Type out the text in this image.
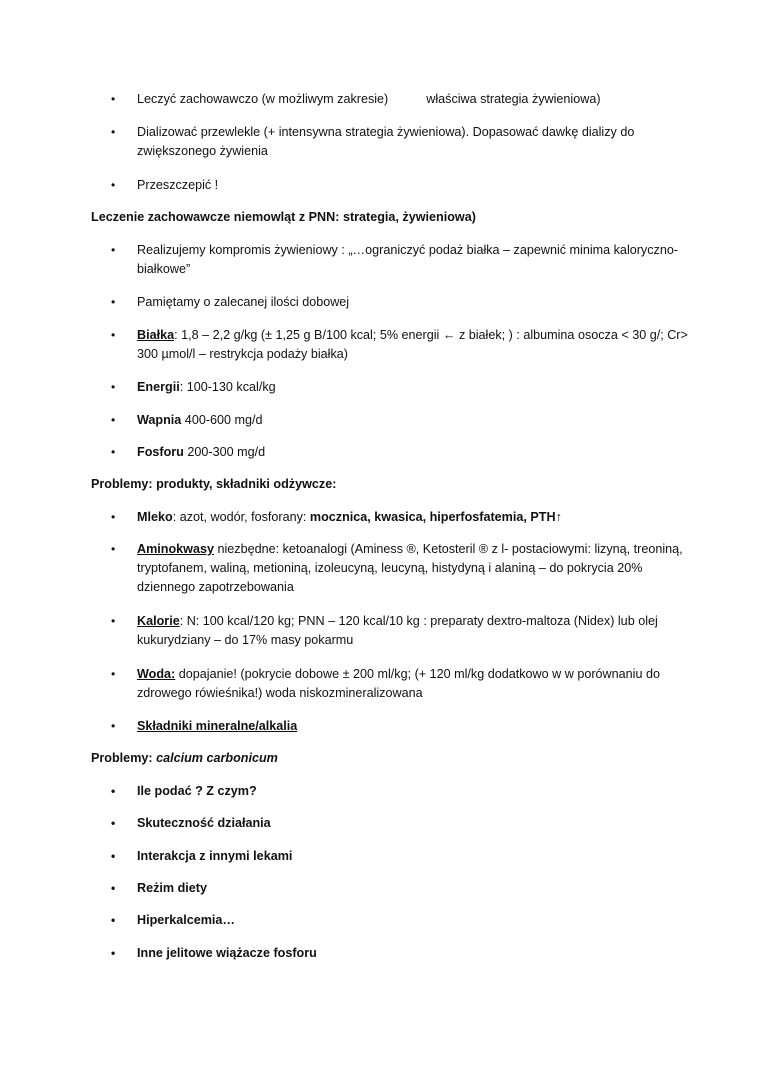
• Leczyć zachowawczo (w możliwym zakresie)	właściwa strategia żywieniowa)
• Dializować przewlekle (+ intensywna strategia żywieniowa). Dopasować dawkę dializy do zwiększonego żywienia
• Przeszczepić !
Leczenie zachowawcze niemowląt z PNN: strategia, żywieniowa)
• Realizujemy kompromis żywieniowy : „…ograniczyć podaż białka – zapewnić minima kaloryczno-białkowe”
• Pamiętamy o zalecanej ilości dobowej
• Białka: 1,8 – 2,2 g/kg (± 1,25 g B/100 kcal; 5% energii ← z białek; ) : albumina osocza < 30 g/; Cr> 300 µmol/l – restrykcja podaży białka)
• Energii: 100-130 kcal/kg
• Wapnia 400-600 mg/d
• Fosforu 200-300 mg/d
Problemy: produkty, składniki odżywcze:
• Mleko: azot, wodór, fosforany: mocznica, kwasica, hiperfosfatemia, PTH↑
• Aminokwasy niezbędne: ketoanalogi (Aminess ®, Ketosteril ® z l- postaciowymi: lizyną, treoniną, tryptofanem, waliną, metioniną, izoleucyną, leucyną, histydyną i alaniną – do pokrycia 20% dziennego zapotrzebowania
• Kalorie: N: 100 kcal/120 kg; PNN – 120 kcal/10 kg : preparaty dextro-maltoza (Nidex) lub olej kukurydziany – do 17% masy pokarmu
• Woda: dopajanie! (pokrycie dobowe ± 200 ml/kg; (+ 120 ml/kg dodatkowo w w porównaniu do zdrowego rówieśnika!) woda niskozmineralizowana
• Składniki mineralne/alkalia
Problemy: calcium carbonicum
• Ile podać ? Z czym?
• Skuteczność działania
• Interakcja z innymi lekami
• Reżim diety
• Hiperkalcemia…
• Inne jelitowe wiążacze fosforu
